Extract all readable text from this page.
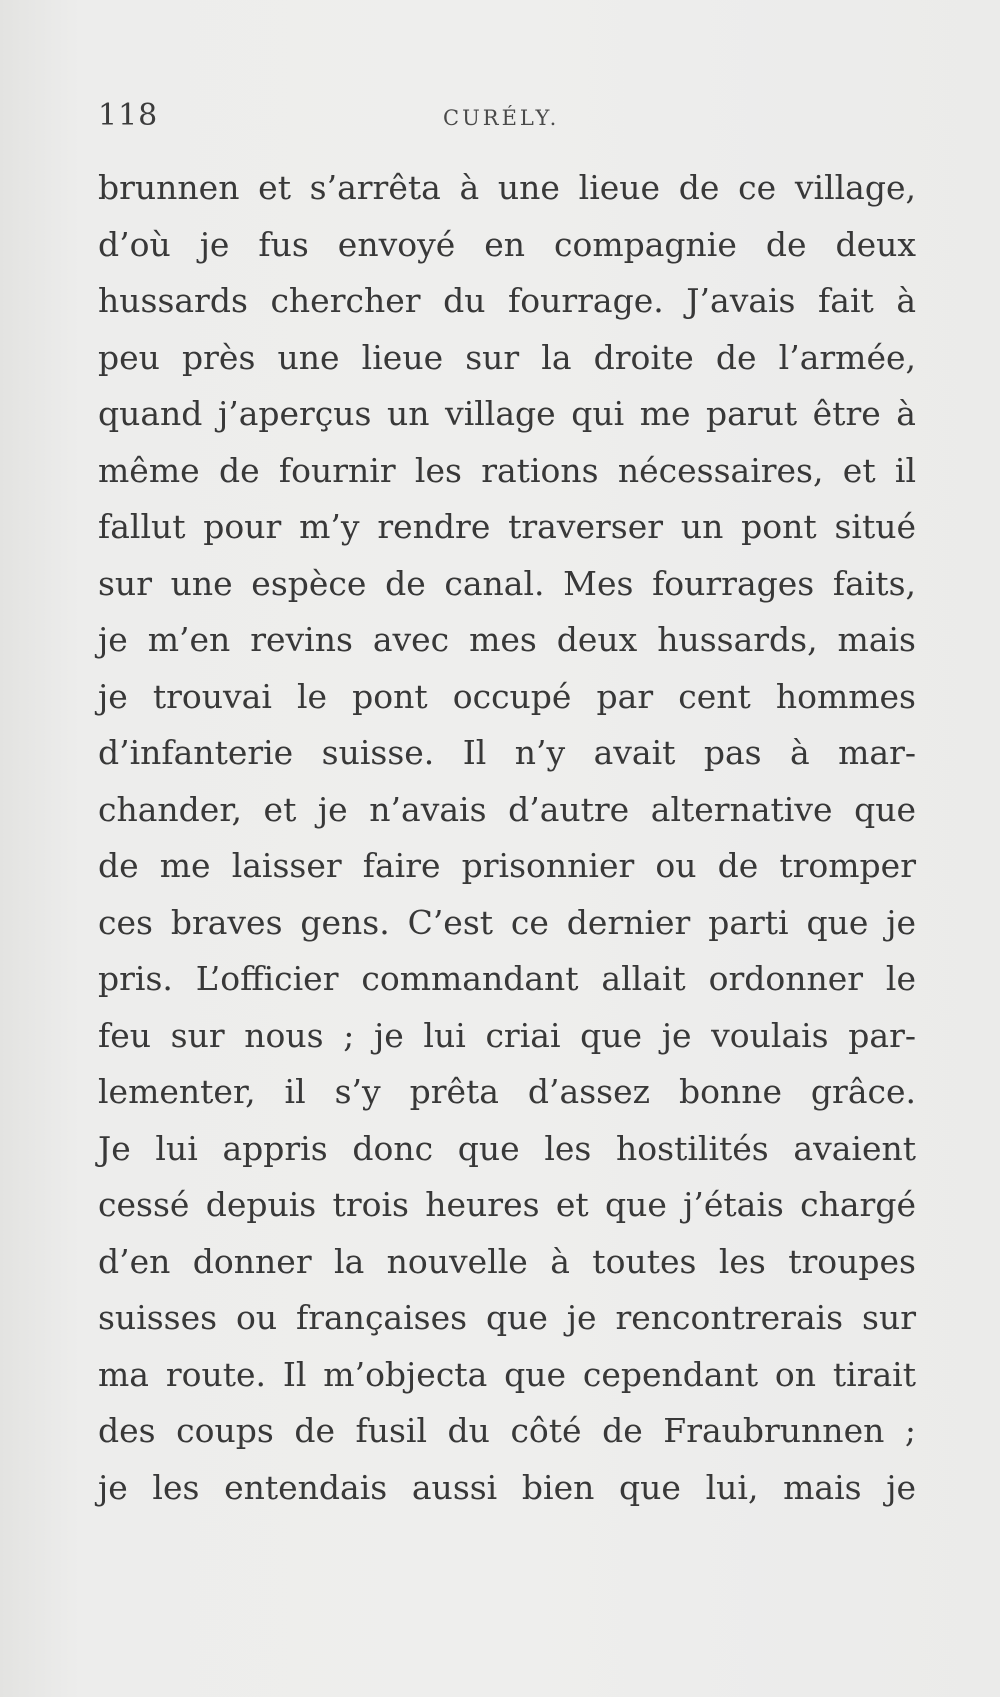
118	CURÉLY.
brunnen et s’arrêta à une lieue de ce village,
d’où je fus envoyé en compagnie de deux
hussards chercher du fourrage. J’avais fait à
peu près une lieue sur la droite de l’armée,
quand j’aperçus un village qui me parut être à
même de fournir les rations nécessaires, et il
fallut pour m’y rendre traverser un pont situé
sur une espèce de canal. Mes fourrages faits,
je m’en revins avec mes deux hussards, mais
je trouvai le pont occupé par cent hommes
d’infanterie suisse. Il n’y avait pas à mar-
chander, et je n’avais d’autre alternative que
de me laisser faire prisonnier ou de tromper
ces braves gens. C’est ce dernier parti que je
pris. L’officier commandant allait ordonner le
feu sur nous ; je lui criai que je voulais par-
lementer, il s’y prêta d’assez bonne grâce.
Je lui appris donc que les hostilités avaient
cessé depuis trois heures et que j’étais chargé
d’en donner la nouvelle à toutes les troupes
suisses ou françaises que je rencontrerais sur
ma route. Il m’objecta que cependant on tirait
des coups de fusil du côté de Fraubrunnen ;
je les entendais aussi bien que lui, mais je
